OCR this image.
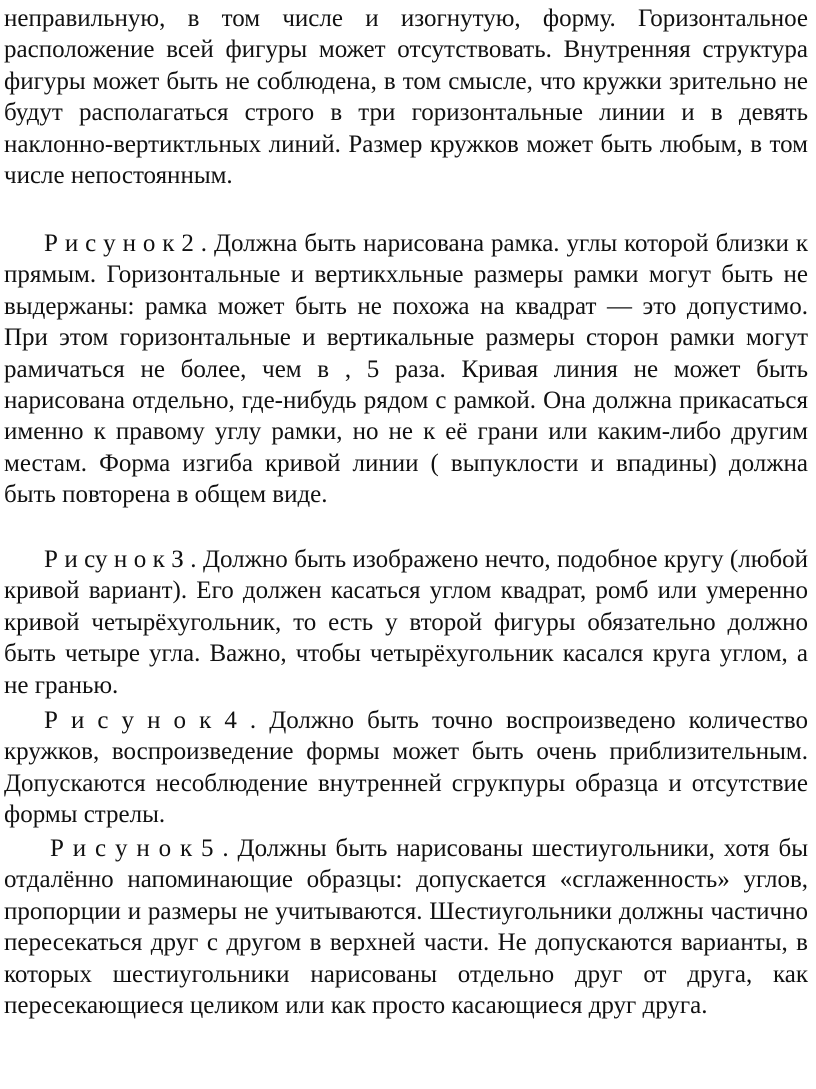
неправильную, в том числе и изогнутую, форму. Горизонтальное расположение всей фигуры может отсутствовать. Внутренняя структура фигуры может быть не соблюдена, в том смысле, что кружки зрительно не будут располагаться строго в три горизонтальные линии и в девять наклонно-вертиктльных линий. Размер кружков может быть любым, в том числе непостоянным.

Р и с у н о к 2 . Должна быть нарисована рамка. углы которой близки к прямым. Горизонтальные и вертикхльные размеры рамки могут быть не выдержаны: рамка может быть не похожа на квадрат — это допустимо. При этом горизонтальные и вертикальные размеры сторон рамки могут рамичаться не более, чем в , 5 раза. Кривая линия не может быть нарисована отдельно, где-нибудь рядом с рамкой. Она должна прикасаться именно к правому углу рамки, но не к её грани или каким-либо другим местам. Форма изгиба кривой линии ( выпуклости и впадины) должна быть повторена в общем виде.

Р и су н о к З . Должно быть изображено нечто, подобное кругу (любой кривой вариант). Его должен касаться углом квадрат, ромб или умеренно кривой четырёхугольник, то есть у второй фигуры обязательно должно быть четыре угла. Важно, чтобы четырёхугольник касался круга углом, а не гранью.

Р и с у н о к 4 . Должно быть точно воспроизведено количество кружков, воспроизведение формы может быть очень приблизительным. Допускаются несоблюдение внутренней сгрукпуры образца и отсутствие формы стрелы.

Р и с у н о к 5 . Должны быть нарисованы шестиугольники, хотя бы отдалённо напоминающие образцы: допускается «сглаженность» углов, пропорции и размеры не учитываются. Шестиугольники должны частично пересекаться друг с другом в верхней части. Не допускаются варианты, в которых шестиугольники нарисованы отдельно друг от друга, как пересекающиеся целиком или как просто касающиеся друг друга.
